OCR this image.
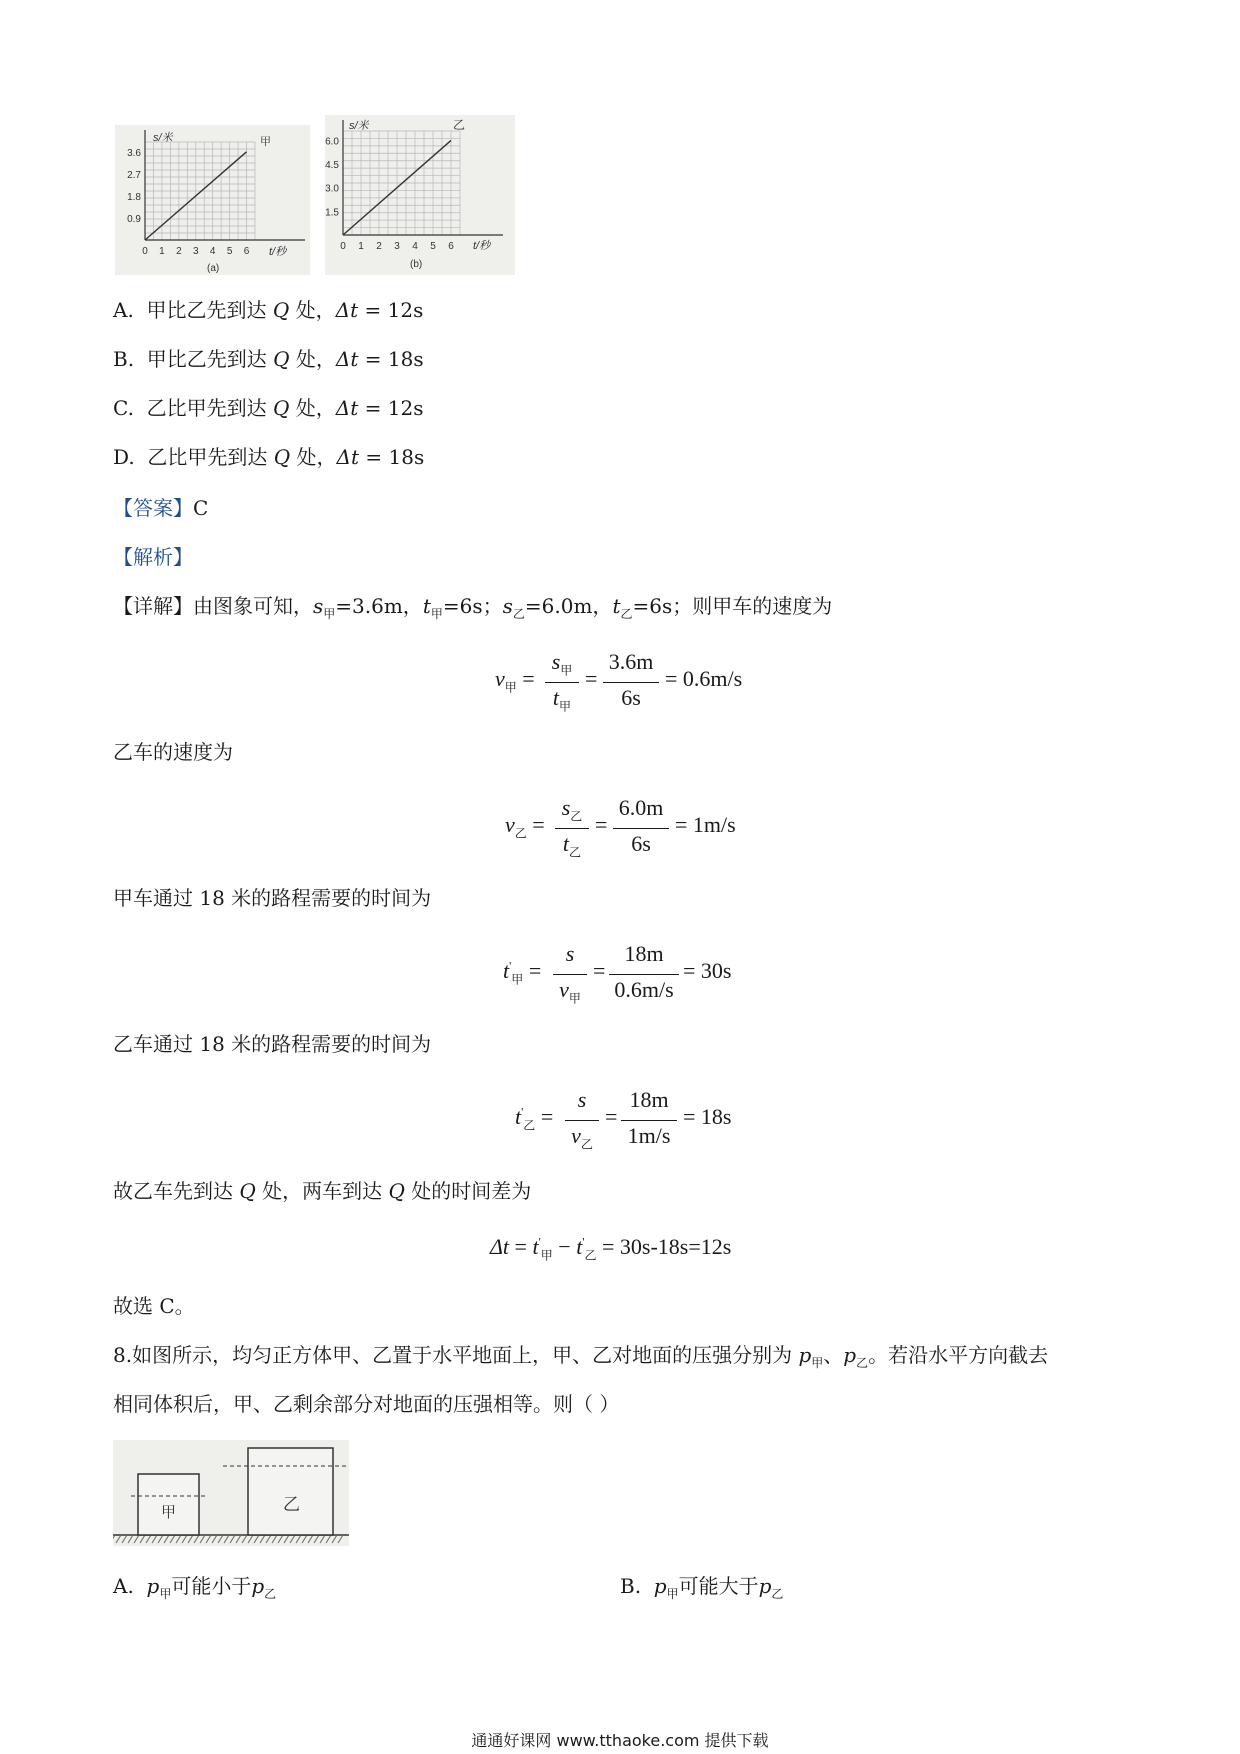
s/米	甲
t/秒
(a)
3.6
2.7
1.8
0.9
0 1 2 3 4 5 6
s/米	乙
t/秒
(b)
6.0
4.5
3.0
1.5
0 1 2 3 4 5 6
A. 甲比乙先到达 Q 处，Δt = 12s
B. 甲比乙先到达 Q 处，Δt = 18s
C. 乙比甲先到达 Q 处，Δt = 12s
D. 乙比甲先到达 Q 处，Δt = 18s
【答案】C
【解析】
【详解】由图象可知，$s_甲=3.6m$，$t_甲=6s$；$s_乙=6.0m$，$t_乙=6s$；则甲车的速度为
$v_甲$ =
$s_甲$
$t_甲$
=
3.6m
6s
= 0.6m/s
乙车的速度为
$v_乙$ =
$s_乙$
$t_乙$
=
6.0m
6s
= 1m/s
甲车通过 18 米的路程需要的时间为
$t'_甲$ =
s
$v_甲$
=
18m
0.6m/s
= 30s
乙车通过 18 米的路程需要的时间为
$t'_乙$ =
s
$v_乙$
=
18m
1m/s
= 18s
故乙车先到达 Q 处，两车到达 Q 处的时间差为
$\Delta t = t'_甲 - t'_乙 = 30s-18s=12s$
故选 C。
8.如图所示，均匀正方体甲、乙置于水平地面上，甲、乙对地面的压强分别为 $p_甲$、$p_乙$。若沿水平方向截去
相同体积后，甲、乙剩余部分对地面的压强相等。则（ ）
甲	乙
A. $p_甲$可能小于$p_乙$	B. $p_甲$可能大于$p_乙$
通通好课网 www.tthaoke.com 提供下载
